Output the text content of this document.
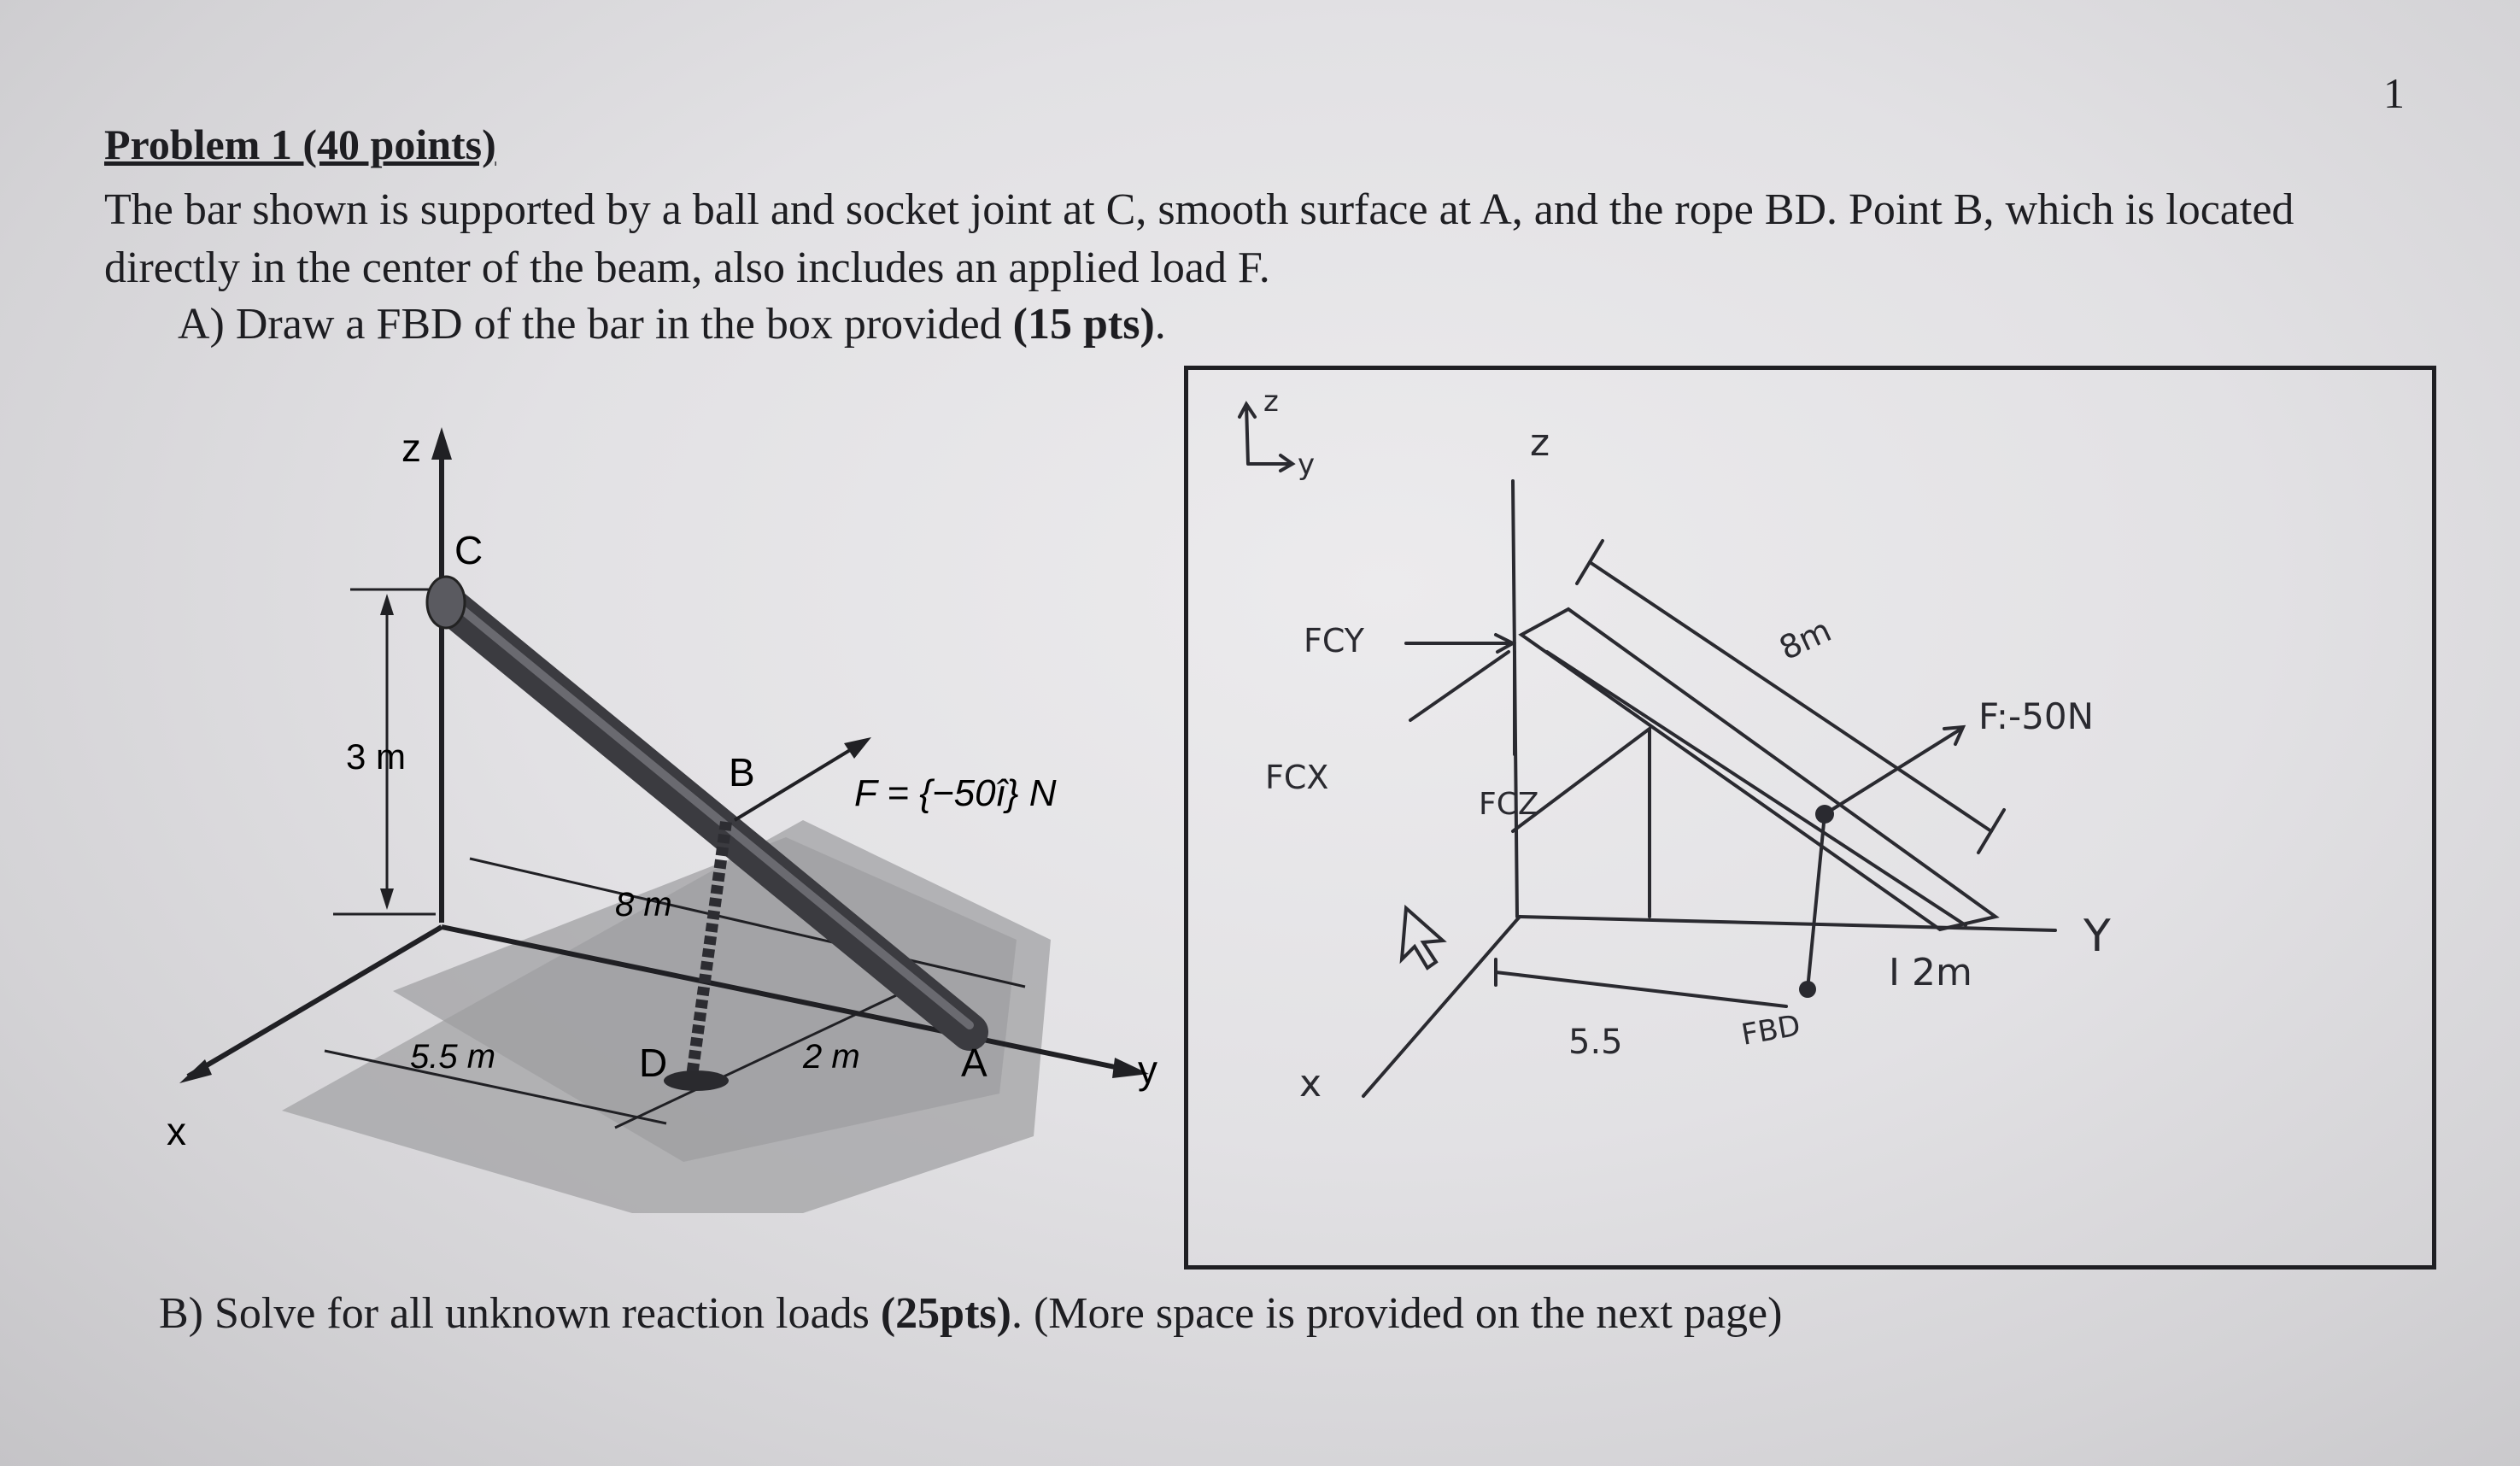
1
Problem 1 (40 points)
The bar shown is supported by a ball and socket joint at C, smooth surface at A, and the rope BD. Point B, which is located directly in the center of the beam, also includes an applied load F.
A) Draw a FBD of the bar in the box provided (15 pts).
z
x
y
C
B
D	A
3 m
8 m
5.5 m	2 m
F = {−50î} N
z
y	z
Y
x
FCY
FCX
FCZ
8m
F:-50N
I 2m
5.5	FBD
B) Solve for all unknown reaction loads (25pts). (More space is provided on the next page)
